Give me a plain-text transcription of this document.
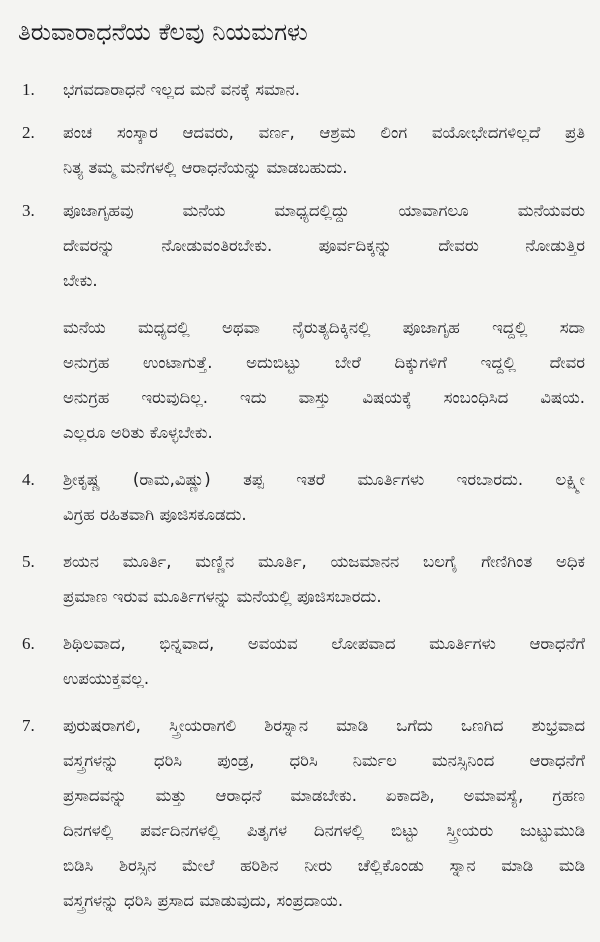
ತಿರುವಾರಾಧನೆಯ ಕೆಲವು ನಿಯಮಗಳು
1. ಭಗವದಾರಾಧನೆ ಇಲ್ಲದ ಮನೆ ವನಕ್ಕೆ ಸಮಾನ.
2. ಪಂಚ ಸಂಸ್ಕಾರ ಆದವರು, ವರ್ಣ, ಆಶ್ರಮ ಲಿಂಗ ವಯೋಭೇದಗಳಿಲ್ಲದೆ ಪ್ರತಿ
ನಿತ್ಯ ತಮ್ಮ ಮನೆಗಳಲ್ಲಿ ಆರಾಧನೆಯನ್ನು ಮಾಡಬಹುದು.
3. ಪೂಜಾಗೃಹವು ಮನೆಯ ಮಾಧ್ಯದಲ್ಲಿದ್ದು ಯಾವಾಗಲೂ ಮನೆಯವರು
ದೇವರನ್ನು ನೋಡುವಂತಿರಬೇಕು. ಪೂರ್ವದಿಕ್ಕನ್ನು ದೇವರು ನೋಡುತ್ತಿರ
ಬೇಕು.
ಮನೆಯ ಮಧ್ಯದಲ್ಲಿ ಅಥವಾ ನೈರುತ್ಯದಿಕ್ಕಿನಲ್ಲಿ ಪೂಜಾಗೃಹ ಇದ್ದಲ್ಲಿ ಸದಾ
ಅನುಗ್ರಹ ಉಂಟಾಗುತ್ತೆ. ಅದುಬಿಟ್ಟು ಬೇರೆ ದಿಕ್ಕುಗಳಿಗೆ ಇದ್ದಲ್ಲಿ ದೇವರ
ಅನುಗ್ರಹ ಇರುವುದಿಲ್ಲ. ಇದು ವಾಸ್ತು ವಿಷಯಕ್ಕೆ ಸಂಬಂಧಿಸಿದ ವಿಷಯ.
ಎಲ್ಲರೂ ಅರಿತು ಕೊಳ್ಳಬೇಕು.
4. ಶ್ರೀಕೃಷ್ಣ (ರಾಮ,ವಿಷ್ಣು) ತಪ್ಪ ಇತರೆ ಮೂರ್ತಿಗಳು ಇರಬಾರದು. ಲಕ್ಷ್ಮೀ
ವಿಗ್ರಹ ರಹಿತವಾಗಿ ಪೂಜಿಸಕೂಡದು.
5. ಶಯನ ಮೂರ್ತಿ, ಮಣ್ಣಿನ ಮೂರ್ತಿ, ಯಜಮಾನನ ಬಲಗೈ ಗೇಣಿಗಿಂತ ಅಧಿಕ
ಪ್ರಮಾಣ ಇರುವ ಮೂರ್ತಿಗಳನ್ನು ಮನೆಯಲ್ಲಿ ಪೂಜಿಸಬಾರದು.
6. ಶಿಥಿಲವಾದ, ಭಿನ್ನವಾದ, ಅವಯವ ಲೋಪವಾದ ಮೂರ್ತಿಗಳು ಆರಾಧನೆಗೆ
ಉಪಯುಕ್ತವಲ್ಲ.
7. ಪುರುಷರಾಗಲಿ, ಸ್ತ್ರೀಯರಾಗಲಿ ಶಿರಸ್ನಾನ ಮಾಡಿ ಒಗೆದು ಒಣಗಿದ ಶುಭ್ರವಾದ
ವಸ್ತ್ರಗಳನ್ನು ಧರಿಸಿ ಪುಂಡ್ರ, ಧರಿಸಿ ನಿರ್ಮಲ ಮನಸ್ಸಿನಿಂದ ಆರಾಧನೆಗೆ
ಪ್ರಸಾದವನ್ನು ಮತ್ತು ಆರಾಧನೆ ಮಾಡಬೇಕು. ಏಕಾದಶಿ, ಅಮಾವಸ್ಯೆ, ಗ್ರಹಣ
ದಿನಗಳಲ್ಲಿ ಪರ್ವದಿನಗಳಲ್ಲಿ ಪಿತೃಗಳ ದಿನಗಳಲ್ಲಿ ಬಿಟ್ಟು ಸ್ತ್ರೀಯರು ಜುಟ್ಟುಮುಡಿ
ಬಿಡಿಸಿ ಶಿರಸ್ಸಿನ ಮೇಲೆ ಹರಿಶಿನ ನೀರು ಚೆಲ್ಲಿಕೊಂಡು ಸ್ನಾನ ಮಾಡಿ ಮಡಿ
ವಸ್ತ್ರಗಳನ್ನು ಧರಿಸಿ ಪ್ರಸಾದ ಮಾಡುವುದು, ಸಂಪ್ರದಾಯ.
